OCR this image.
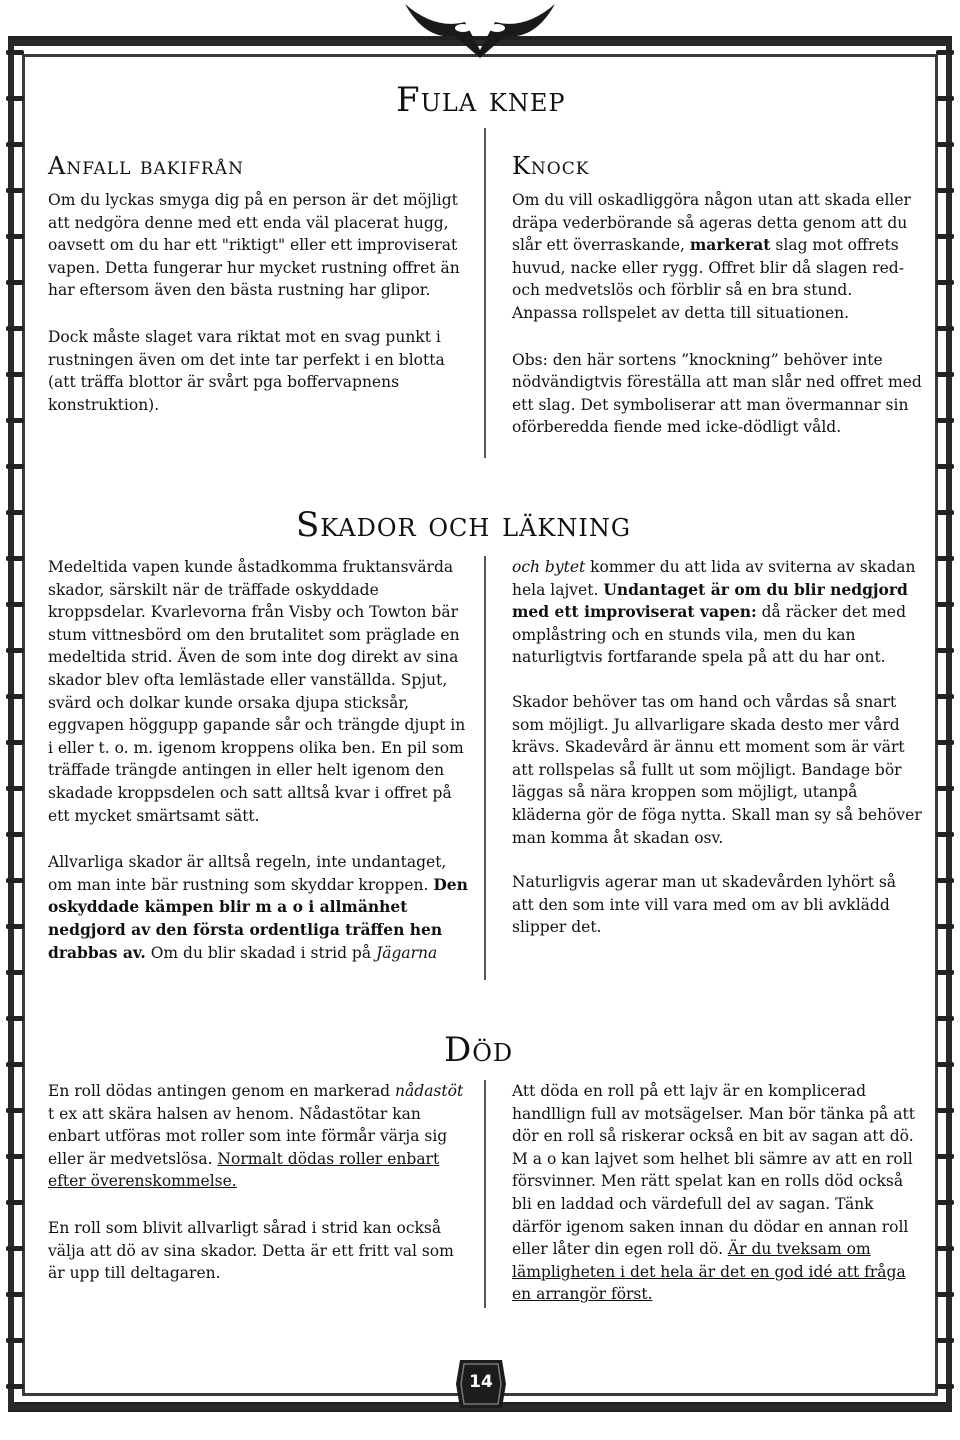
Fula knep
Anfall bakifrån

Om du lyckas smyga dig på en person är det möjligt att nedgöra denne med ett enda väl placerat hugg, oavsett om du har ett "riktigt" eller ett improviserat vapen. Detta fungerar hur mycket rustning offret än har eftersom även den bästa rustning har glipor.

Dock måste slaget vara riktat mot en svag punkt i rustningen även om det inte tar perfekt i en blotta (att träffa blottor är svårt pga boffervapnens konstruktion).

Knock

Om du vill oskadliggöra någon utan att skada eller dräpa vederbörande så ageras detta genom att du slår ett överraskande, markerat slag mot offrets huvud, nacke eller rygg. Offret blir då slagen red- och medvetslös och förblir så en bra stund. Anpassa rollspelet av detta till situationen.

Obs: den här sortens ”knockning” behöver inte nödvändigtvis föreställa att man slår ned offret med ett slag. Det symboliserar att man övermannar sin oförberedda fiende med icke-dödligt våld.

Skador och läkning

Medeltida vapen kunde åstadkomma fruktansvärda skador, särskilt när de träffade oskyddade kroppsdelar. Kvarlevorna från Visby och Towton bär stum vittnesbörd om den brutalitet som präglade en medeltida strid. Även de som inte dog direkt av sina skador blev ofta lemlästade eller vanställda. Spjut, svärd och dolkar kunde orsaka djupa sticksår, eggvapen höggupp gapande sår och trängde djupt in i eller t. o. m. igenom kroppens olika ben. En pil som träffade trängde antingen in eller helt igenom den skadade kroppsdelen och satt alltså kvar i offret på ett mycket smärtsamt sätt.

Allvarliga skador är alltså regeln, inte undantaget, om man inte bär rustning som skyddar kroppen. Den oskyddade kämpen blir m a o i allmänhet nedgjord av den första ordentliga träffen hen drabbas av. Om du blir skadad i strid på Jägarna

och bytet kommer du att lida av sviterna av skadan hela lajvet. Undantaget är om du blir nedgjord med ett improviserat vapen: då räcker det med omplåstring och en stunds vila, men du kan naturligtvis fortfarande spela på att du har ont.

Skador behöver tas om hand och vårdas så snart som möjligt. Ju allvarligare skada desto mer vård krävs. Skadevård är ännu ett moment som är värt att rollspelas så fullt ut som möjligt. Bandage bör läggas så nära kroppen som möjligt, utanpå kläderna gör de föga nytta. Skall man sy så behöver man komma åt skadan osv.

Naturligvis agerar man ut skadevården lyhört så att den som inte vill vara med om av bli avklädd slipper det.

Död

En roll dödas antingen genom en markerad nådastöt t ex att skära halsen av henom. Nådastötar kan enbart utföras mot roller som inte förmår värja sig eller är medvetslösa. Normalt dödas roller enbart efter överenskommelse.

En roll som blivit allvarligt sårad i strid kan också välja att dö av sina skador. Detta är ett fritt val som är upp till deltagaren.

Att döda en roll på ett lajv är en komplicerad handllign full av motsägelser. Man bör tänka på att dör en roll så riskerar också en bit av sagan att dö. M a o kan lajvet som helhet bli sämre av att en roll försvinner. Men rätt spelat kan en rolls död också bli en laddad och värdefull del av sagan. Tänk därför igenom saken innan du dödar en annan roll eller låter din egen roll dö. Är du tveksam om lämpligheten i det hela är det en god idé att fråga en arrangör först.

14
